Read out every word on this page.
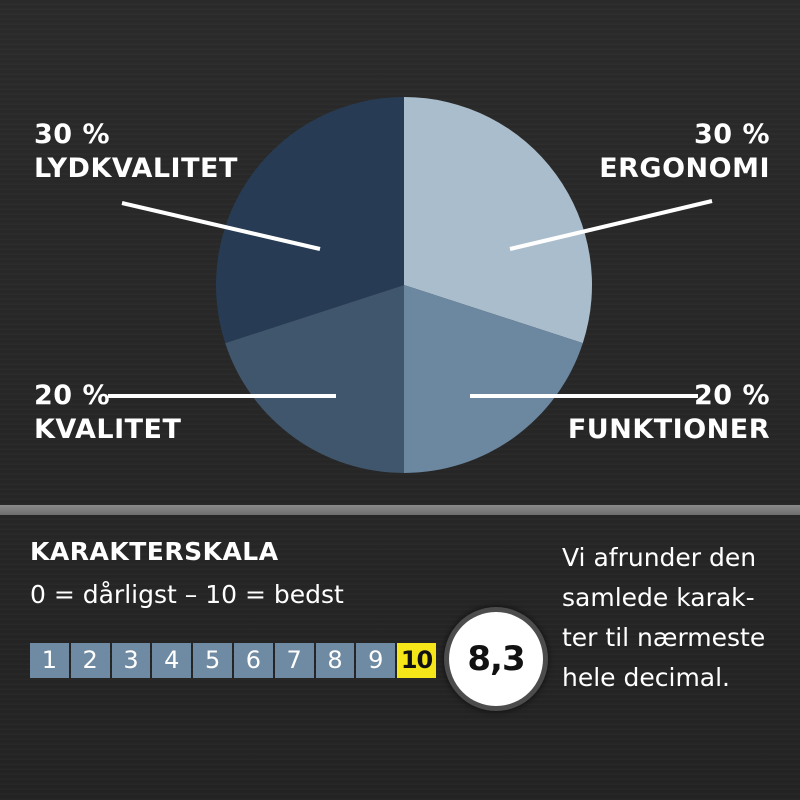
30 %
LYDKVALITET
30 %
ERGONOMI
20 %
KVALITET
20 %
FUNKTIONER
KARAKTERSKALA
0 = dårligst – 10 = bedst
1	2	3	4	5	6	7	8	9 10 8,3
Vi afrunder den
samlede karak-
ter til nærmeste
hele decimal.
